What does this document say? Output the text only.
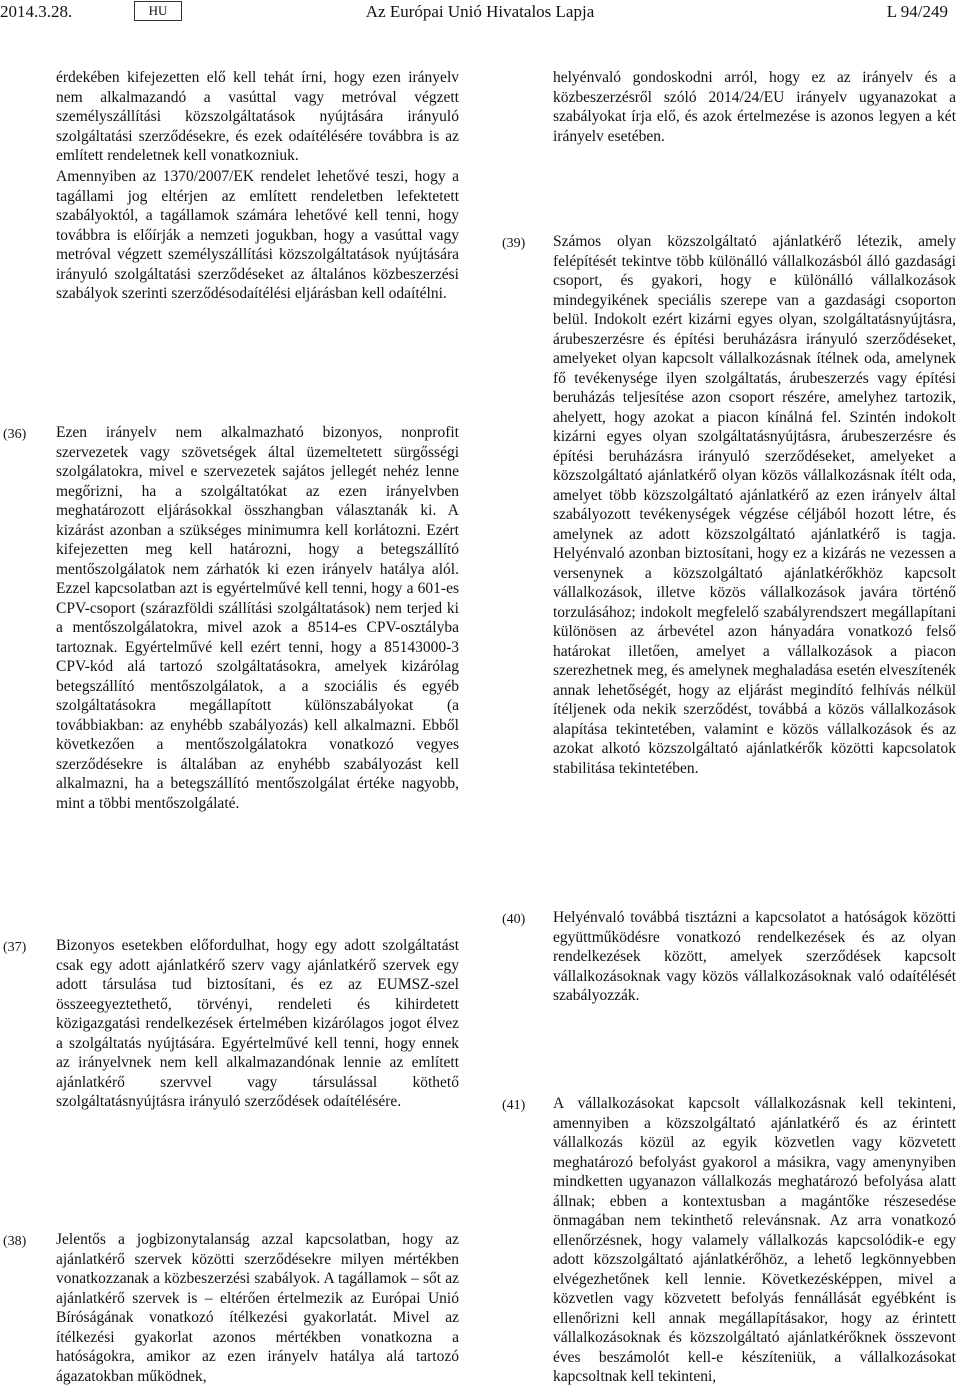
Az Európai Unió Hivatalos Lapja
2014.3.28.	HU	L 94/249

érdekében kifejezetten elő kell tehát írni, hogy ezen irányelv nem alkalmazandó a vasúttal vagy metróval végzett személyszállítási közszolgáltatások nyújtására irányuló szolgáltatási szerződésekre, és ezek odaítélésére továbbra is az említett rendeletnek kell vonatkozniuk.

Amennyiben az 1370/2007/EK rendelet lehetővé teszi, hogy a tagállami jog eltérjen az említett rendeletben lefektetett szabályoktól, a tagállamok számára lehetővé kell tenni, hogy továbbra is előírják a nemzeti jogukban, hogy a vasúttal vagy metróval végzett személyszállítási közszolgáltatások nyújtására irányuló szolgáltatási szerződéseket az általános közbeszerzési szabályok szerinti szerződésodaítélési eljárásban kell odaítélni.

(36) Ezen irányelv nem alkalmazható bizonyos, nonprofit szervezetek vagy szövetségek által üzemeltetett sürgősségi szolgálatokra, mivel e szervezetek sajátos jellegét nehéz lenne megőrizni, ha a szolgáltatókat az ezen irányelvben meghatározott eljárásokkal összhangban választanák ki. A kizárást azonban a szükséges minimumra kell korlátozni. Ezért kifejezetten meg kell határozni, hogy a betegszállító mentőszolgálatok nem zárhatók ki ezen irányelv hatálya alól. Ezzel kapcsolatban azt is egyértelművé kell tenni, hogy a 601-es CPV-csoport (szárazföldi szállítási szolgáltatások) nem terjed ki a mentőszolgálatokra, mivel azok a 8514-es CPV-osztályba tartoznak. Egyértelművé kell ezért tenni, hogy a 85143000-3 CPV-kód alá tartozó szolgáltatásokra, amelyek kizárólag betegszállító mentőszolgálatok, a a szociális és egyéb szolgáltatásokra megállapított különszabályokat (a továbbiakban: az enyhébb szabályozás) kell alkalmazni. Ebből következően a mentőszolgálatokra vonatkozó vegyes szerződésekre is általában az enyhébb szabályozást kell alkalmazni, ha a betegszállító mentőszolgálat értéke nagyobb, mint a többi mentőszolgálaté.

(37) Bizonyos esetekben előfordulhat, hogy egy adott szolgáltatást csak egy adott ajánlatkérő szerv vagy ajánlatkérő szervek egy adott társulása tud biztosítani, és ez az EUMSZ-szel összeegyeztethető, törvényi, rendeleti és kihirdetett közigazgatási rendelkezések értelmében kizárólagos jogot élvez a szolgáltatás nyújtására. Egyértelművé kell tenni, hogy ennek az irányelvnek nem kell alkalmazandónak lennie az említett ajánlatkérő szervvel vagy társulással köthető szolgáltatásnyújtásra irányuló szerződések odaítélésére.

(38) Jelentős a jogbizonytalanság azzal kapcsolatban, hogy az ajánlatkérő szervek közötti szerződésekre milyen mértékben vonatkozzanak a közbeszerzési szabályok. A tagállamok – sőt az ajánlatkérő szervek is – eltérően értelmezik az Európai Unió Bíróságának vonatkozó ítélkezési gyakorlatát. Mivel az ítélkezési gyakorlat azonos mértékben vonatkozna a hatóságokra, amikor az ezen irányelv hatálya alá tartozó ágazatokban működnek,

helyénvaló gondoskodni arról, hogy ez az irányelv és a közbeszerzésről szóló 2014/24/EU irányelv ugyanazokat a szabályokat írja elő, és azok értelmezése is azonos legyen a két irányelv esetében.

(39) Számos olyan közszolgáltató ajánlatkérő létezik, amely felépítését tekintve több különálló vállalkozásból álló gazdasági csoport, és gyakori, hogy e különálló vállalkozások mindegyikének speciális szerepe van a gazdasági csoporton belül. Indokolt ezért kizárni egyes olyan, szolgáltatásnyújtásra, árubeszerzésre és építési beruházásra irányuló szerződéseket, amelyeket olyan kapcsolt vállalkozásnak ítélnek oda, amelynek fő tevékenysége ilyen szolgáltatás, árubeszerzés vagy építési beruházás teljesítése azon csoport részére, amelyhez tartozik, ahelyett, hogy azokat a piacon kínálná fel. Szintén indokolt kizárni egyes olyan szolgáltatásnyújtásra, árubeszerzésre és építési beruházásra irányuló szerződéseket, amelyeket a közszolgáltató ajánlatkérő olyan közös vállalkozásnak ítélt oda, amelyet több közszolgáltató ajánlatkérő az ezen irányelv által szabályozott tevékenységek végzése céljából hozott létre, és amelynek az adott közszolgáltató ajánlatkérő is tagja. Helyénvaló azonban biztosítani, hogy ez a kizárás ne vezessen a versenynek a közszolgáltató ajánlatkérőkhöz kapcsolt vállalkozások, illetve közös vállalkozások javára történő torzulásához; indokolt megfelelő szabályrendszert megállapítani különösen az árbevétel azon hányadára vonatkozó felső határokat illetően, amelyet a vállalkozások a piacon szerezhetnek meg, és amelynek meghaladása esetén elveszítenék annak lehetőségét, hogy az eljárást megindító felhívás nélkül ítéljenek oda nekik szerződést, továbbá a közös vállalkozások alapítása tekintetében, valamint e közös vállalkozások és az azokat alkotó közszolgáltató ajánlatkérők közötti kapcsolatok stabilitása tekintetében.

(40) Helyénvaló továbbá tisztázni a kapcsolatot a hatóságok közötti együttműködésre vonatkozó rendelkezések és az olyan rendelkezések között, amelyek szerződések kapcsolt vállalkozásoknak vagy közös vállalkozásoknak való odaítélését szabályozzák.

(41) A vállalkozásokat kapcsolt vállalkozásnak kell tekinteni, amennyiben a közszolgáltató ajánlatkérő és az érintett vállalkozás közül az egyik közvetlen vagy közvetett meghatározó befolyást gyakorol a másikra, vagy amenynyiben mindketten ugyanazon vállalkozás meghatározó befolyása alatt állnak; ebben a kontextusban a magántőke részesedése önmagában nem tekinthető relevánsnak. Az arra vonatkozó ellenőrzésnek, hogy valamely vállalkozás kapcsolódik-e egy adott közszolgáltató ajánlatkérőhöz, a lehető legkönnyebben elvégezhetőnek kell lennie. Következésképpen, mivel a közvetlen vagy közvetett befolyás fennállását egyébként is ellenőrizni kell annak megállapításakor, hogy az érintett vállalkozásoknak és közszolgáltató ajánlatkérőknek összevont éves beszámolót kell-e készíteniük, a vállalkozásokat kapcsoltnak kell tekinteni,
